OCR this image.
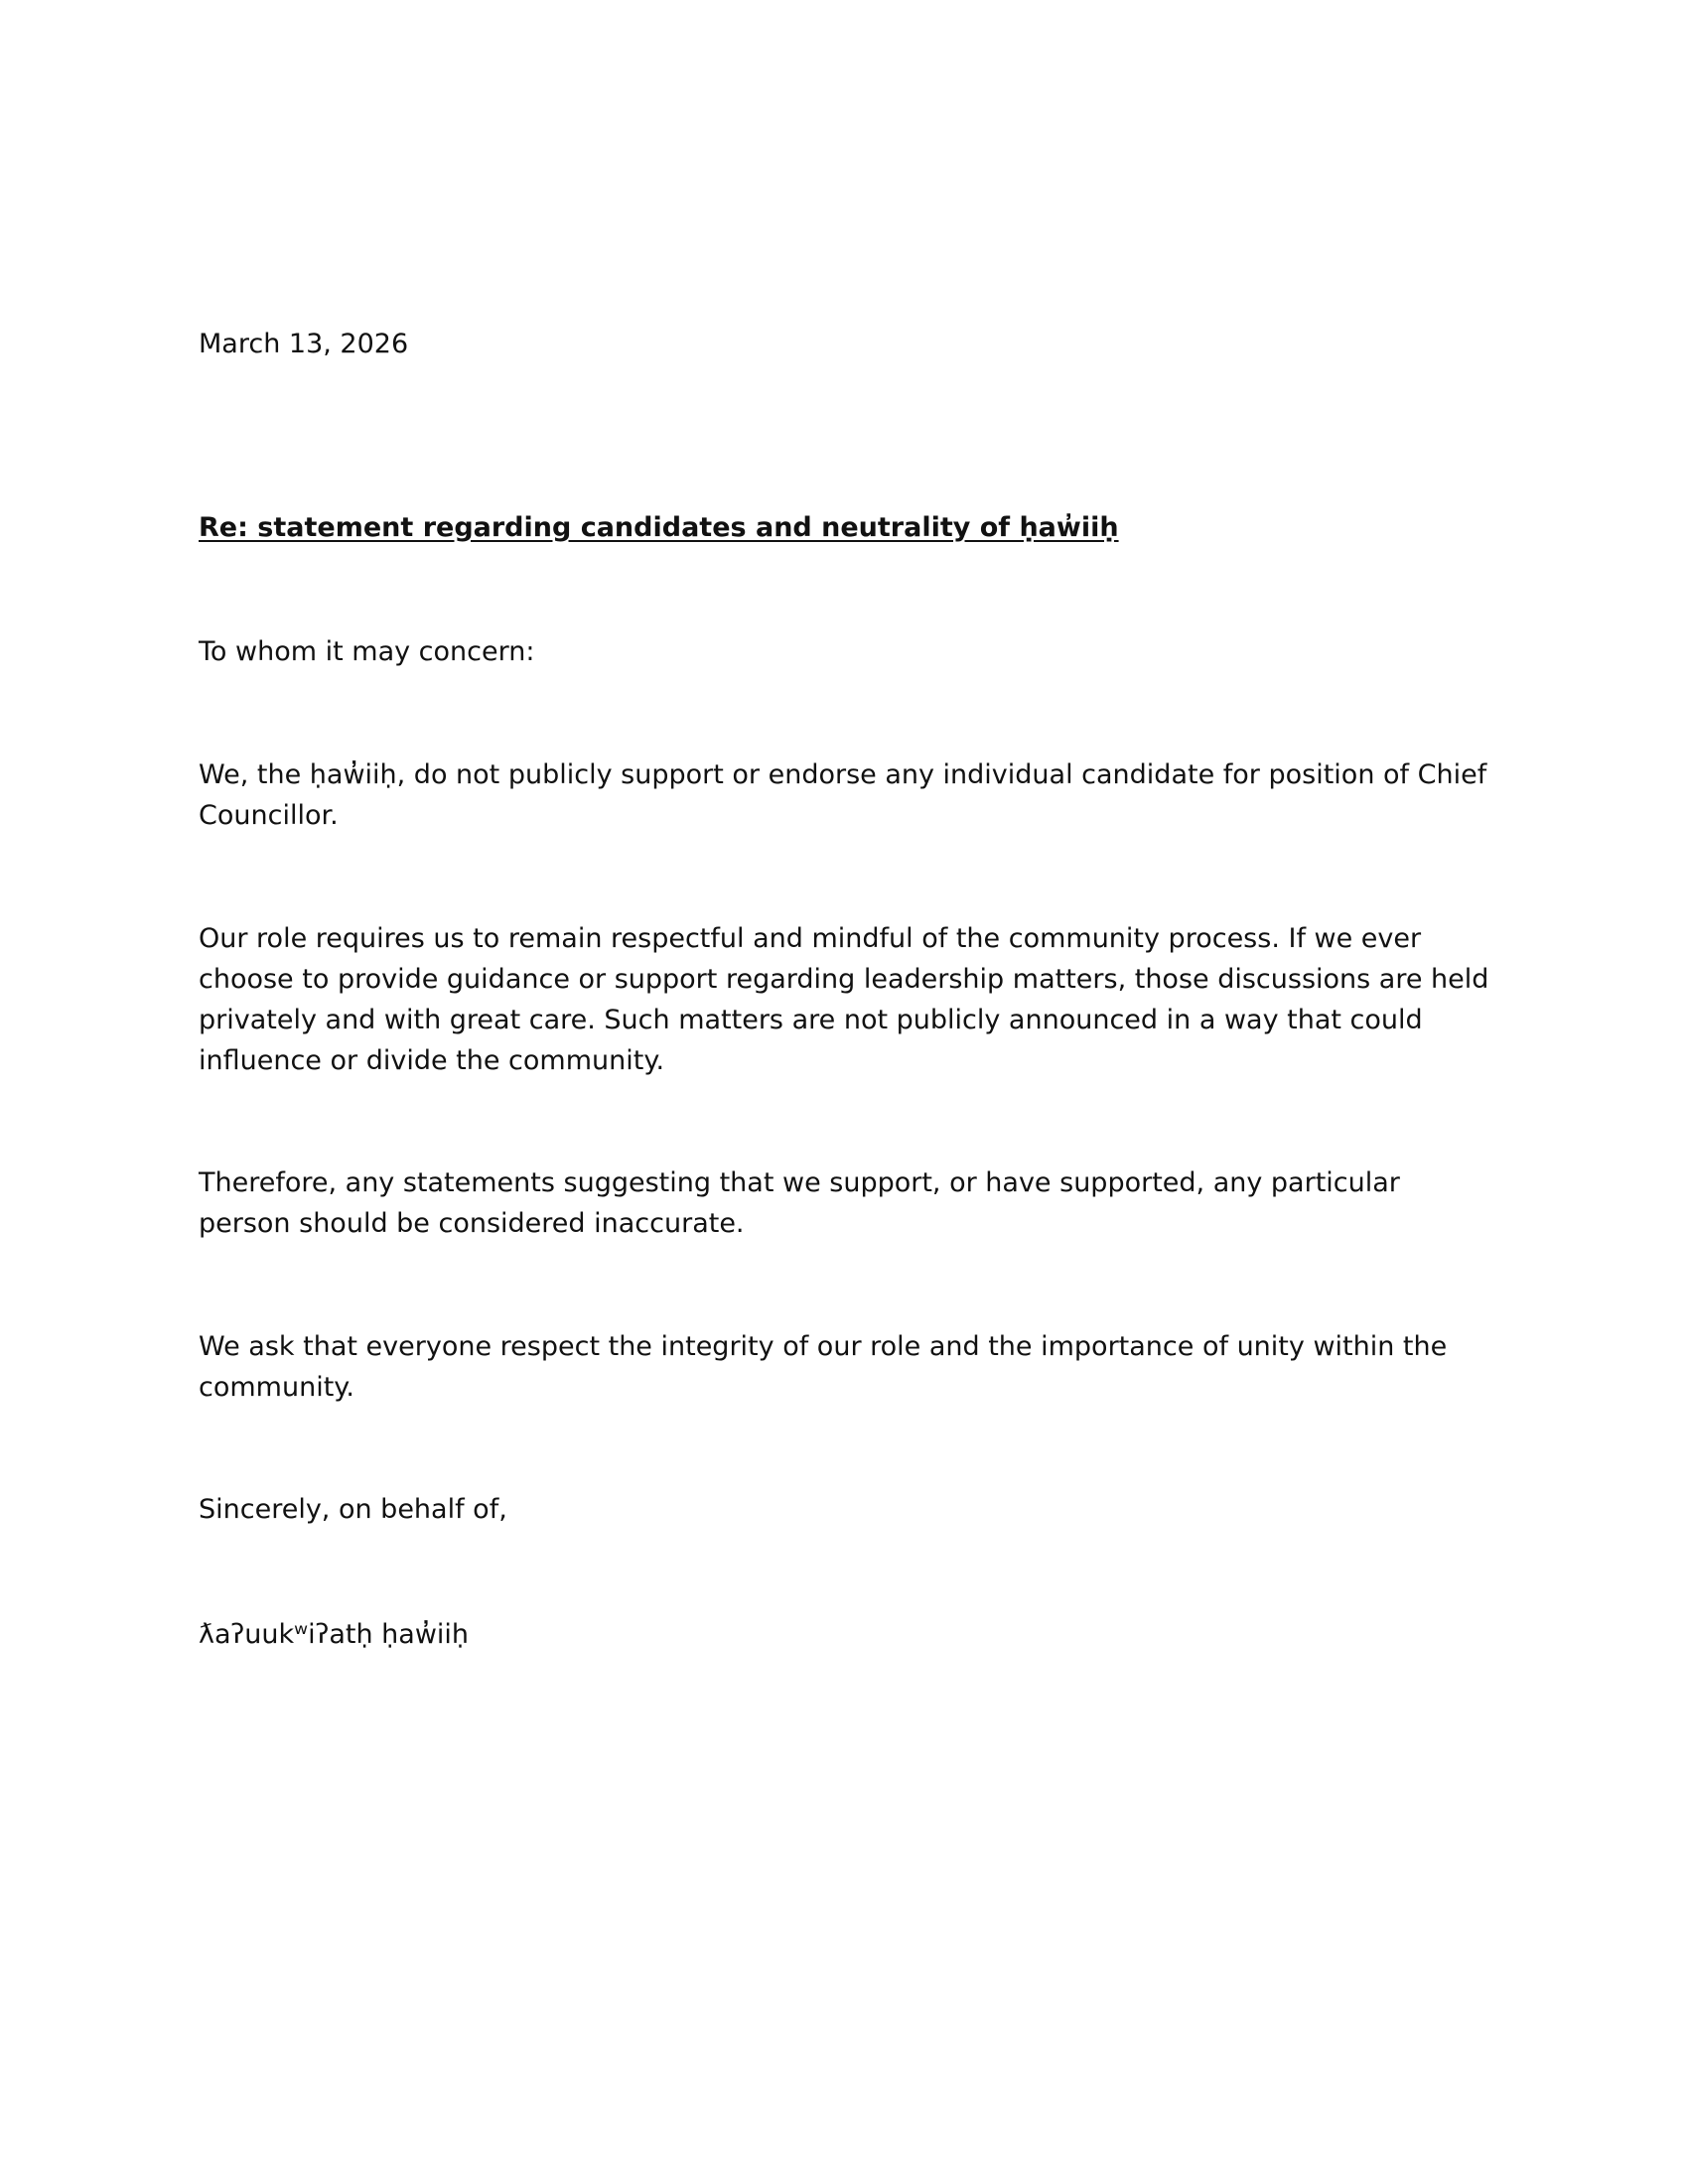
March 13, 2026

Re: statement regarding candidates and neutrality of ḥaw̓iiḥ

To whom it may concern:

We, the ḥaw̓iiḥ, do not publicly support or endorse any individual candidate for position of Chief Councillor.

Our role requires us to remain respectful and mindful of the community process. If we ever choose to provide guidance or support regarding leadership matters, those discussions are held privately and with great care. Such matters are not publicly announced in a way that could influence or divide the community.

Therefore, any statements suggesting that we support, or have supported, any particular person should be considered inaccurate.

We ask that everyone respect the integrity of our role and the importance of unity within the community.

Sincerely, on behalf of,

ƛaʔuukʷiʔatḥ ḥaw̓iiḥ
